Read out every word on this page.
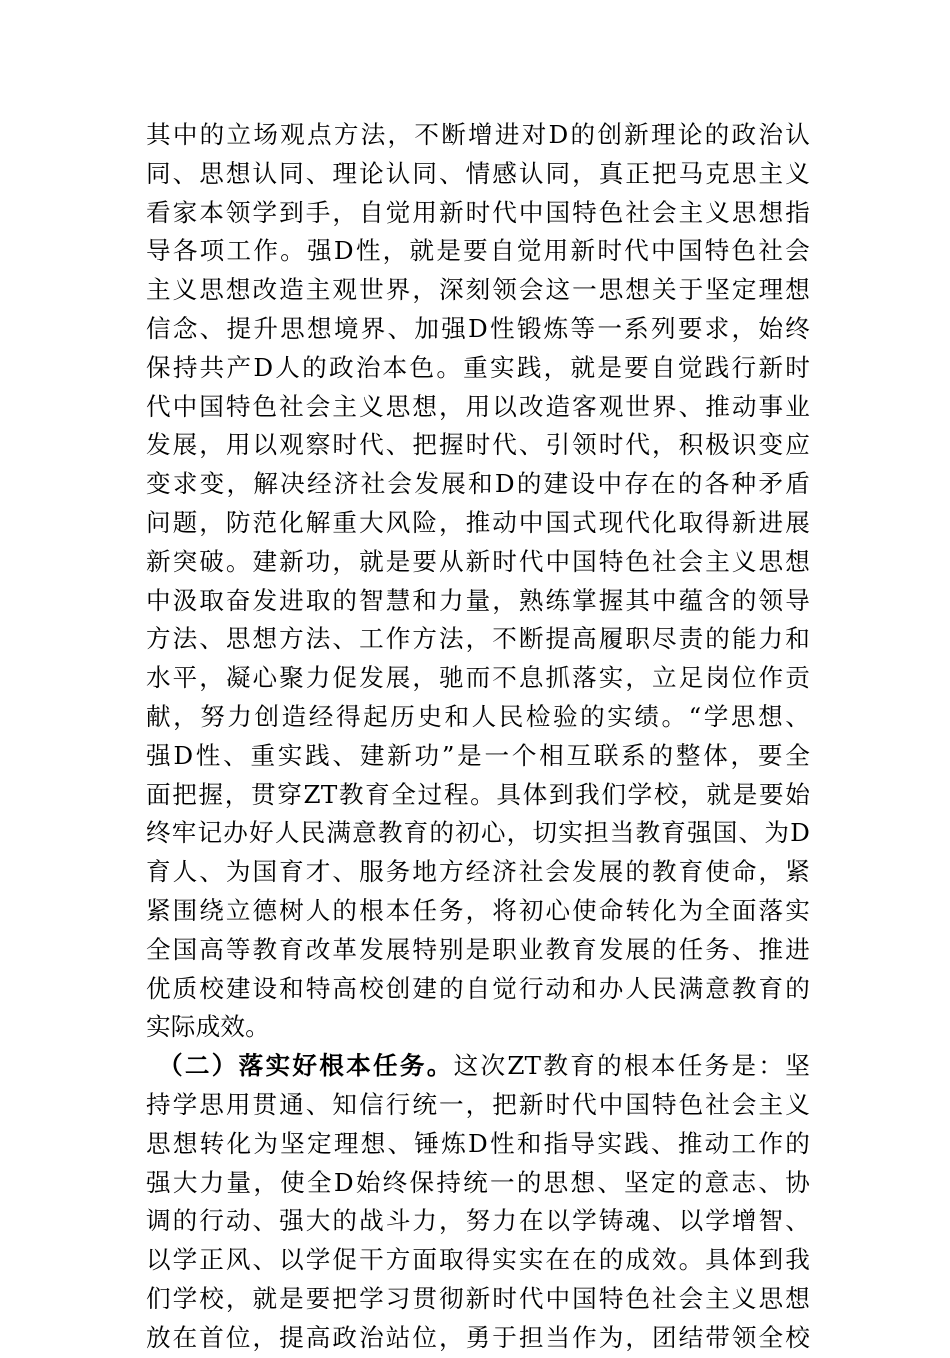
其中的立场观点方法，不断增进对D的创新理论的政治认
同、思想认同、理论认同、情感认同，真正把马克思主义
看家本领学到手，自觉用新时代中国特色社会主义思想指
导各项工作。强D性，就是要自觉用新时代中国特色社会
主义思想改造主观世界，深刻领会这一思想关于坚定理想
信念、提升思想境界、加强D性锻炼等一系列要求，始终
保持共产D人的政治本色。重实践，就是要自觉践行新时
代中国特色社会主义思想，用以改造客观世界、推动事业
发展，用以观察时代、把握时代、引领时代，积极识变应
变求变，解决经济社会发展和D的建设中存在的各种矛盾
问题，防范化解重大风险，推动中国式现代化取得新进展
新突破。建新功，就是要从新时代中国特色社会主义思想
中汲取奋发进取的智慧和力量，熟练掌握其中蕴含的领导
方法、思想方法、工作方法，不断提高履职尽责的能力和
水平，凝心聚力促发展，驰而不息抓落实，立足岗位作贡
献，努力创造经得起历史和人民检验的实绩。“学思想、
强D性、重实践、建新功”是一个相互联系的整体，要全
面把握，贯穿ZT教育全过程。具体到我们学校，就是要始
终牢记办好人民满意教育的初心，切实担当教育强国、为D
育人、为国育才、服务地方经济社会发展的教育使命，紧
紧围绕立德树人的根本任务，将初心使命转化为全面落实
全国高等教育改革发展特别是职业教育发展的任务、推进
优质校建设和特高校创建的自觉行动和办人民满意教育的
实际成效。
（二）落实好根本任务。这次ZT教育的根本任务是：坚
持学思用贯通、知信行统一，把新时代中国特色社会主义
思想转化为坚定理想、锤炼D性和指导实践、推动工作的
强大力量，使全D始终保持统一的思想、坚定的意志、协
调的行动、强大的战斗力，努力在以学铸魂、以学增智、
以学正风、以学促干方面取得实实在在的成效。具体到我
们学校，就是要把学习贯彻新时代中国特色社会主义思想
放在首位，提高政治站位，勇于担当作为，团结带领全校
